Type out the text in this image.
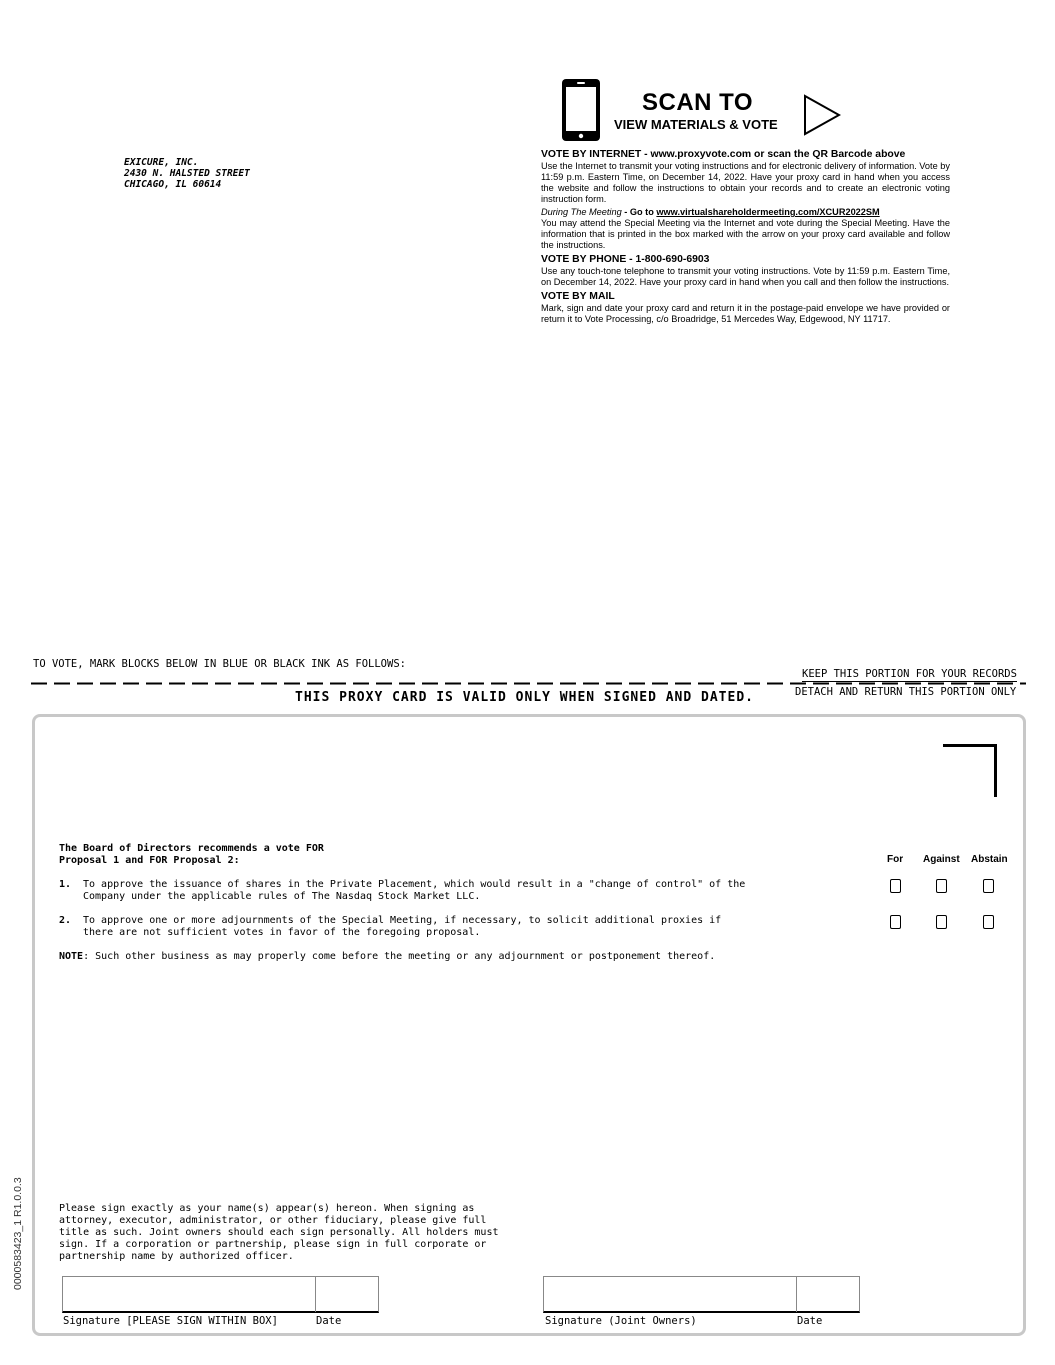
EXICURE, INC.
2430 N. HALSTED STREET
CHICAGO, IL 60614
SCAN TO
VIEW MATERIALS & VOTE
VOTE BY INTERNET - www.proxyvote.com or scan the QR Barcode above

Use the Internet to transmit your voting instructions and for electronic delivery of information. Vote by 11:59 p.m. Eastern Time, on December 14, 2022. Have your proxy card in hand when you access the website and follow the instructions to obtain your records and to create an electronic voting instruction form.

During The Meeting - Go to www.virtualshareholdermeeting.com/XCUR2022SM

You may attend the Special Meeting via the Internet and vote during the Special Meeting. Have the information that is printed in the box marked with the arrow on your proxy card available and follow the instructions.

VOTE BY PHONE - 1-800-690-6903

Use any touch-tone telephone to transmit your voting instructions. Vote by 11:59 p.m. Eastern Time, on December 14, 2022. Have your proxy card in hand when you call and then follow the instructions.

VOTE BY MAIL

Mark, sign and date your proxy card and return it in the postage-paid envelope we have provided or return it to Vote Processing, c/o Broadridge, 51 Mercedes Way, Edgewood, NY 11717.

TO VOTE, MARK BLOCKS BELOW IN BLUE OR BLACK INK AS FOLLOWS:
KEEP THIS PORTION FOR YOUR RECORDS
DETACH AND RETURN THIS PORTION ONLY
THIS PROXY CARD IS VALID ONLY WHEN SIGNED AND DATED.
The Board of Directors recommends a vote FOR
Proposal 1 and FOR Proposal 2:	For Against Abstain
1. To approve the issuance of shares in the Private Placement, which would result in a "change of control" of the
Company under the applicable rules of The Nasdaq Stock Market LLC.
2. To approve one or more adjournments of the Special Meeting, if necessary, to solicit additional proxies if
there are not sufficient votes in favor of the foregoing proposal.
NOTE: Such other business as may properly come before the meeting or any adjournment or postponement thereof.
Please sign exactly as your name(s) appear(s) hereon. When signing as
attorney, executor, administrator, or other fiduciary, please give full
title as such. Joint owners should each sign personally. All holders must
sign. If a corporation or partnership, please sign in full corporate or
partnership name by authorized officer.
Signature [PLEASE SIGN WITHIN BOX]	Date	Signature (Joint Owners)	Date
0000583423_1 R1.0.0.3
